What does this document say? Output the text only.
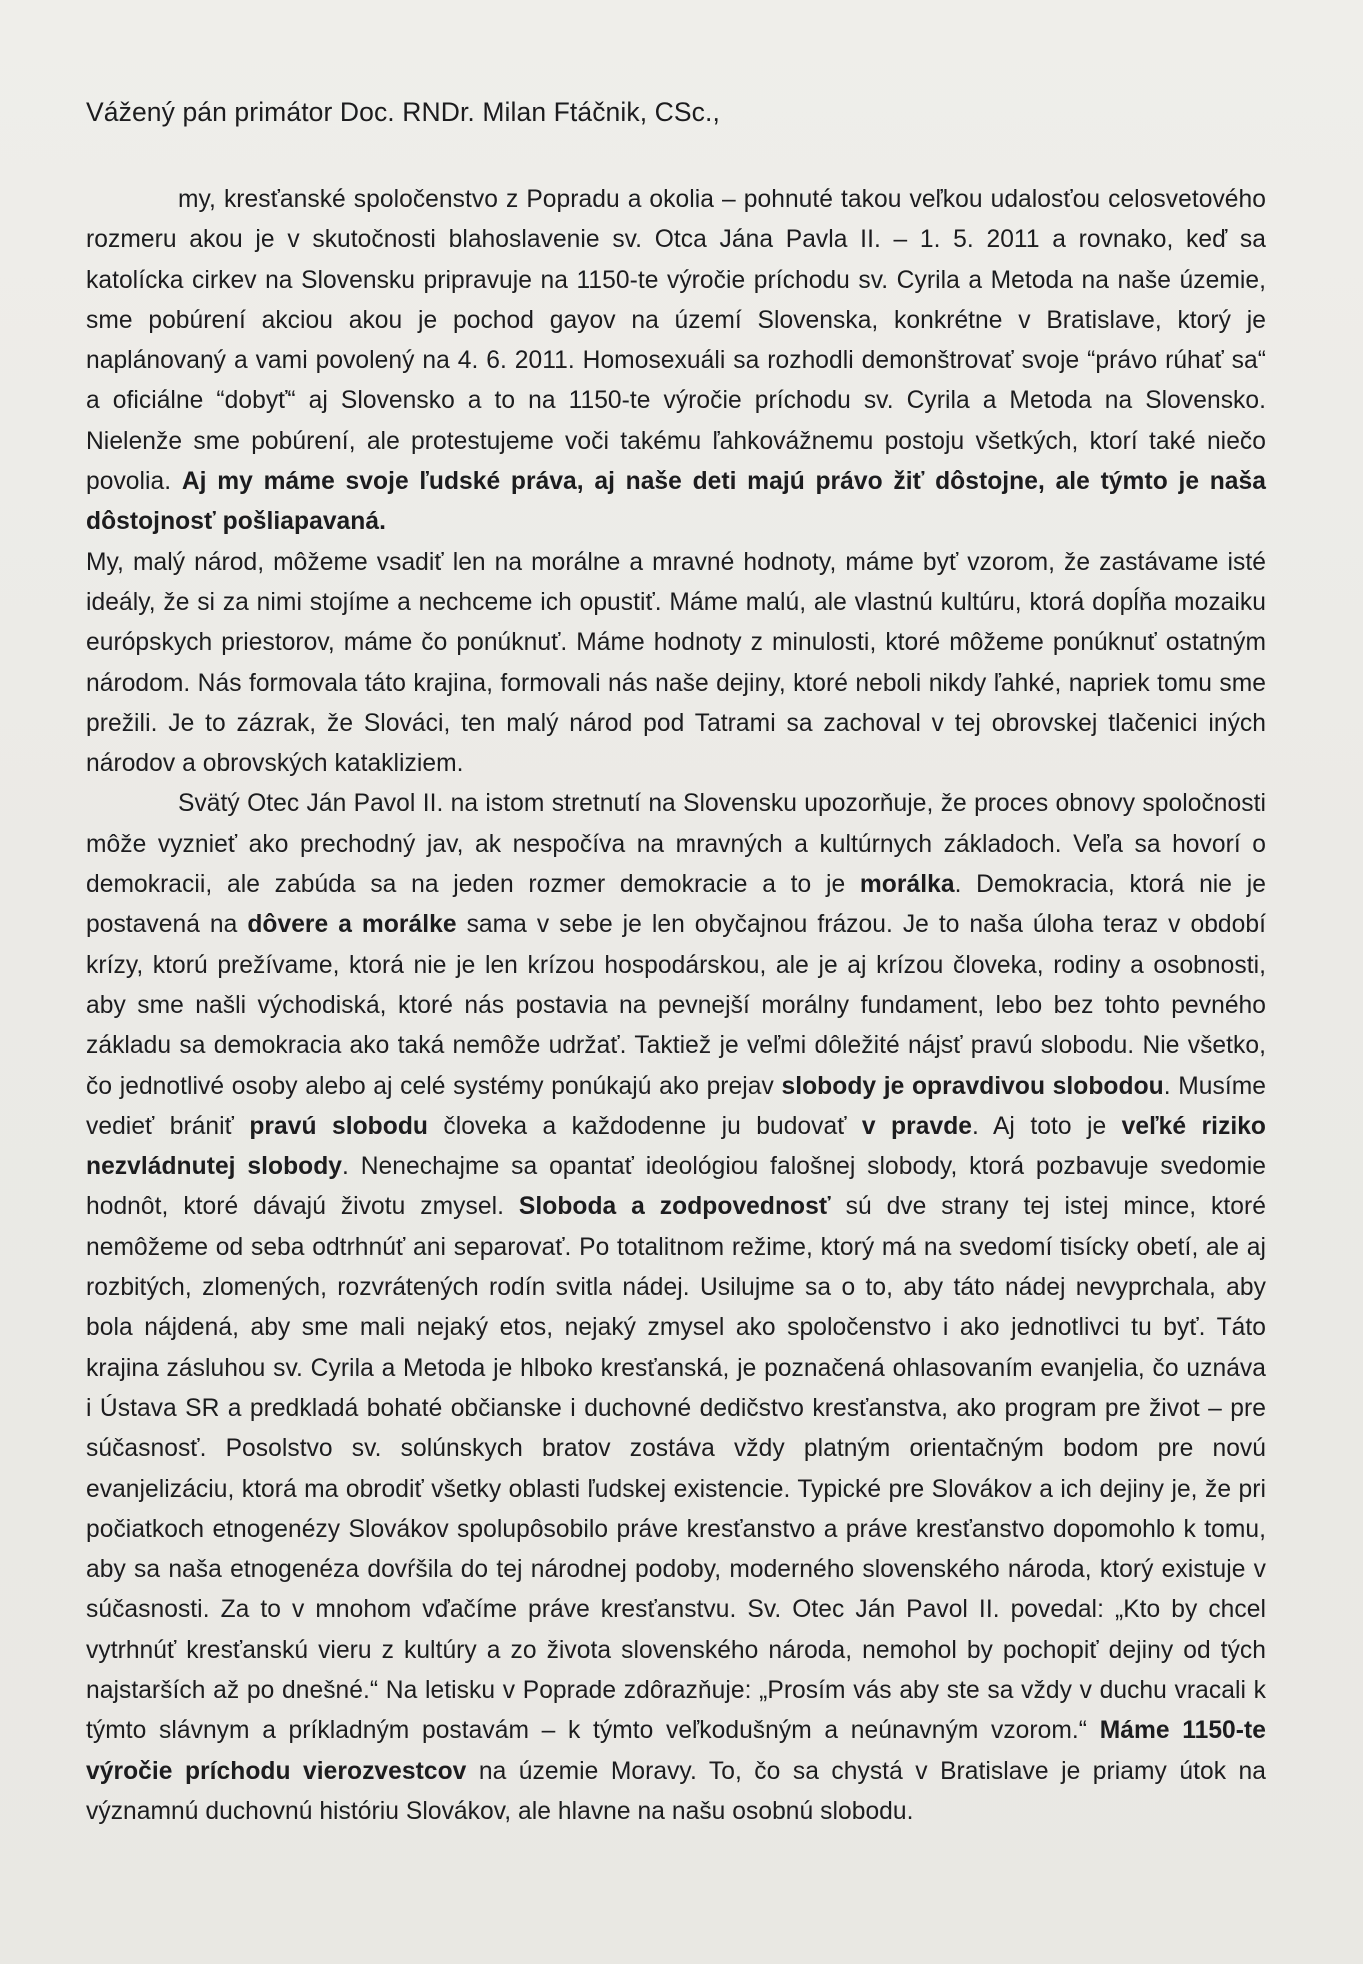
Vážený pán primátor Doc. RNDr. Milan Ftáčnik, CSc.,

my, kresťanské spoločenstvo z Popradu a okolia – pohnuté takou veľkou udalosťou celosvetového rozmeru akou je v skutočnosti blahoslavenie sv. Otca Jána Pavla II. – 1. 5. 2011 a rovnako, keď sa katolícka cirkev na Slovensku pripravuje na 1150-te výročie príchodu sv. Cyrila a Metoda na naše územie, sme pobúrení akciou akou je pochod gayov na území Slovenska, konkrétne v Bratislave, ktorý je naplánovaný a vami povolený na 4. 6. 2011. Homosexuáli sa rozhodli demonštrovať svoje “právo rúhať sa“ a oficiálne “dobyť“ aj Slovensko a to na 1150-te výročie príchodu sv. Cyrila a Metoda na Slovensko. Nielenže sme pobúrení, ale protestujeme voči takému ľahkovážnemu postoju všetkých, ktorí také niečo povolia. Aj my máme svoje ľudské práva, aj naše deti majú právo žiť dôstojne, ale týmto je naša dôstojnosť pošliapavaná.

My, malý národ, môžeme vsadiť len na morálne a mravné hodnoty, máme byť vzorom, že zastávame isté ideály, že si za nimi stojíme a nechceme ich opustiť. Máme malú, ale vlastnú kultúru, ktorá dopĺňa mozaiku európskych priestorov, máme čo ponúknuť. Máme hodnoty z minulosti, ktoré môžeme ponúknuť ostatným národom. Nás formovala táto krajina, formovali nás naše dejiny, ktoré neboli nikdy ľahké, napriek tomu sme prežili. Je to zázrak, že Slováci, ten malý národ pod Tatrami sa zachoval v tej obrovskej tlačenici iných národov a obrovských katakliziem.

Svätý Otec Ján Pavol II. na istom stretnutí na Slovensku upozorňuje, že proces obnovy spoločnosti môže vyznieť ako prechodný jav, ak nespočíva na mravných a kultúrnych základoch. Veľa sa hovorí o demokracii, ale zabúda sa na jeden rozmer demokracie a to je morálka. Demokracia, ktorá nie je postavená na dôvere a morálke sama v sebe je len obyčajnou frázou. Je to naša úloha teraz v období krízy, ktorú prežívame, ktorá nie je len krízou hospodárskou, ale je aj krízou človeka, rodiny a osobnosti, aby sme našli východiská, ktoré nás postavia na pevnejší morálny fundament, lebo bez tohto pevného základu sa demokracia ako taká nemôže udržať. Taktiež je veľmi dôležité nájsť pravú slobodu. Nie všetko, čo jednotlivé osoby alebo aj celé systémy ponúkajú ako prejav slobody je opravdivou slobodou. Musíme vedieť brániť pravú slobodu človeka a každodenne ju budovať v pravde. Aj toto je veľké riziko nezvládnutej slobody. Nenechajme sa opantať ideológiou falošnej slobody, ktorá pozbavuje svedomie hodnôt, ktoré dávajú životu zmysel. Sloboda a zodpovednosť sú dve strany tej istej mince, ktoré nemôžeme od seba odtrhnúť ani separovať. Po totalitnom režime, ktorý má na svedomí tisícky obetí, ale aj rozbitých, zlomených, rozvrátených rodín svitla nádej. Usilujme sa o to, aby táto nádej nevyprchala, aby bola nájdená, aby sme mali nejaký etos, nejaký zmysel ako spoločenstvo i ako jednotlivci tu byť. Táto krajina zásluhou sv. Cyrila a Metoda je hlboko kresťanská, je poznačená ohlasovaním evanjelia, čo uznáva i Ústava SR a predkladá bohaté občianske i duchovné dedičstvo kresťanstva, ako program pre život – pre súčasnosť. Posolstvo sv. solúnskych bratov zostáva vždy platným orientačným bodom pre novú evanjelizáciu, ktorá ma obrodiť všetky oblasti ľudskej existencie. Typické pre Slovákov a ich dejiny je, že pri počiatkoch etnogenézy Slovákov spolupôsobilo práve kresťanstvo a práve kresťanstvo dopomohlo k tomu, aby sa naša etnogenéza dovŕšila do tej národnej podoby, moderného slovenského národa, ktorý existuje v súčasnosti. Za to v mnohom vďačíme práve kresťanstvu. Sv. Otec Ján Pavol II. povedal: „Kto by chcel vytrhnúť kresťanskú vieru z kultúry a zo života slovenského národa, nemohol by pochopiť dejiny od tých najstarších až po dnešné.“ Na letisku v Poprade zdôrazňuje: „Prosím vás aby ste sa vždy v duchu vracali k týmto slávnym a príkladným postavám – k týmto veľkodušným a neúnavným vzorom.“ Máme 1150-te výročie príchodu vierozvestcov na územie Moravy. To, čo sa chystá v Bratislave je priamy útok na významnú duchovnú históriu Slovákov, ale hlavne na našu osobnú slobodu.
